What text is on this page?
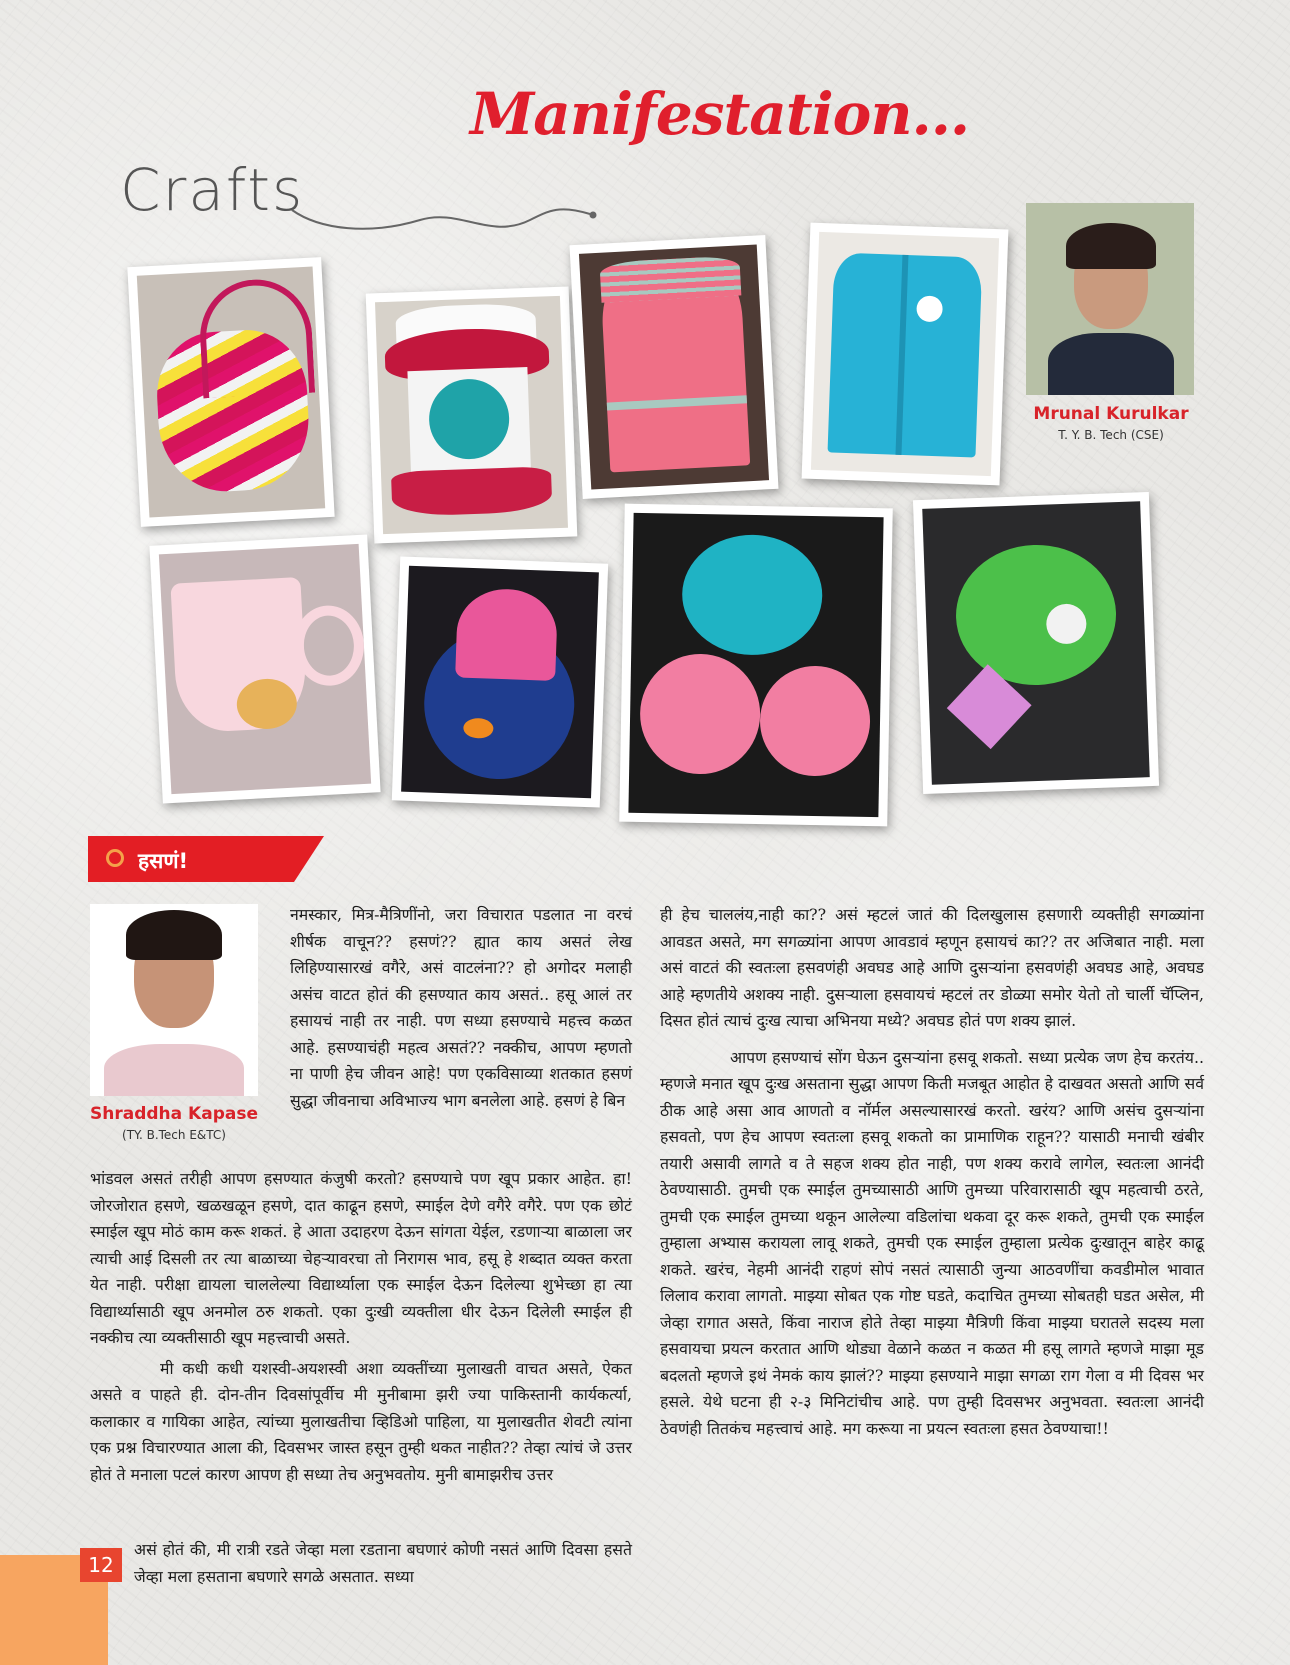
Manifestation...
Crafts
Mrunal Kurulkar
T. Y. B. Tech (CSE)
हसणं!
Shraddha Kapase
(TY. B.Tech E&TC)

नमस्कार, मित्र-मैत्रिणींनो, जरा विचारात पडलात ना वरचं शीर्षक वाचून?? हसणं?? ह्यात काय असतं लेख लिहिण्यासारखं वगैरे, असं वाटलंना?? हो अगोदर मलाही असंच वाटत होतं की हसण्यात काय असतं.. हसू आलं तर हसायचं नाही तर नाही. पण सध्या हसण्याचे महत्त्व कळत आहे. हसण्याचंही महत्व असतं?? नक्कीच, आपण म्हणतो ना पाणी हेच जीवन आहे! पण एकविसाव्या शतकात हसणं सुद्धा जीवनाचा अविभाज्य भाग बनलेला आहे. हसणं हे बिन

भांडवल असतं तरीही आपण हसण्यात कंजुषी करतो? हसण्याचे पण खूप प्रकार आहेत. हा! जोरजोरात हसणे, खळखळून हसणे, दात काढून हसणे, स्माईल देणे वगैरे वगैरे. पण एक छोटं स्माईल खूप मोठं काम करू शकतं. हे आता उदाहरण देऊन सांगता येईल, रडणाऱ्या बाळाला जर त्याची आई दिसली तर त्या बाळाच्या चेहऱ्यावरचा तो निरागस भाव, हसू हे शब्दात व्यक्त करता येत नाही. परीक्षा द्यायला चाललेल्या विद्यार्थ्याला एक स्माईल देऊन दिलेल्या शुभेच्छा हा त्या विद्यार्थ्यासाठी खूप अनमोल ठरु शकतो. एका दुःखी व्यक्तीला धीर देऊन दिलेली स्माईल ही नक्कीच त्या व्यक्तीसाठी खूप महत्त्वाची असते.

मी कधी कधी यशस्वी-अयशस्वी अशा व्यक्तींच्या मुलाखती वाचत असते, ऐकत असते व पाहते ही. दोन-तीन दिवसांपूर्वीच मी मुनीबामा झरी ज्या पाकिस्तानी कार्यकर्त्या, कलाकार व गायिका आहेत, त्यांच्या मुलाखतीचा व्हिडिओ पाहिला, या मुलाखतीत शेवटी त्यांना एक प्रश्न विचारण्यात आला की, दिवसभर जास्त हसून तुम्ही थकत नाहीत?? तेव्हा त्यांचं जे उत्तर होतं ते मनाला पटलं कारण आपण ही सध्या तेच अनुभवतोय. मुनी बामाझरीच उत्तर

असं होतं की, मी रात्री रडते जेव्हा मला रडताना बघणारं कोणी नसतं आणि दिवसा हसते जेव्हा मला हसताना बघणारे सगळे असतात. सध्या

ही हेच चाललंय,नाही का?? असं म्हटलं जातं की दिलखुलास हसणारी व्यक्तीही सगळ्यांना आवडत असते, मग सगळ्यांना आपण आवडावं म्हणून हसायचं का?? तर अजिबात नाही. मला असं वाटतं की स्वतःला हसवणंही अवघड आहे आणि दुसऱ्यांना हसवणंही अवघड आहे, अवघड आहे म्हणतीये अशक्य नाही. दुसऱ्याला हसवायचं म्हटलं तर डोळ्या समोर येतो तो चार्ली चॅप्लिन, दिसत होतं त्याचं दुःख त्याचा अभिनया मध्ये? अवघड होतं पण शक्य झालं.

आपण हसण्याचं सोंग घेऊन दुसऱ्यांना हसवू शकतो. सध्या प्रत्येक जण हेच करतंय.. म्हणजे मनात खूप दुःख असताना सुद्धा आपण किती मजबूत आहोत हे दाखवत असतो आणि सर्व ठीक आहे असा आव आणतो व नॉर्मल असल्यासारखं करतो. खरंय? आणि असंच दुसऱ्यांना हसवतो, पण हेच आपण स्वतःला हसवू शकतो का प्रामाणिक राहून?? यासाठी मनाची खंबीर तयारी असावी लागते व ते सहज शक्य होत नाही, पण शक्य करावे लागेल, स्वतःला आनंदी ठेवण्यासाठी. तुमची एक स्माईल तुमच्यासाठी आणि तुमच्या परिवारासाठी खूप महत्वाची ठरते, तुमची एक स्माईल तुमच्या थकून आलेल्या वडिलांचा थकवा दूर करू शकते, तुमची एक स्माईल तुम्हाला अभ्यास करायला लावू शकते, तुमची एक स्माईल तुम्हाला प्रत्येक दुःखातून बाहेर काढू शकते. खरंच, नेहमी आनंदी राहणं सोपं नसतं त्यासाठी जुन्या आठवणींचा कवडीमोल भावात लिलाव करावा लागतो. माझ्या सोबत एक गोष्ट घडते, कदाचित तुमच्या सोबतही घडत असेल, मी जेव्हा रागात असते, किंवा नाराज होते तेव्हा माझ्या मैत्रिणी किंवा माझ्या घरातले सदस्य मला हसवायचा प्रयत्न करतात आणि थोड्या वेळाने कळत न कळत मी हसू लागते म्हणजे माझा मूड बदलतो म्हणजे इथं नेमकं काय झालं?? माझ्या हसण्याने माझा सगळा राग गेला व मी दिवस भर हसले. येथे घटना ही २-३ मिनिटांचीच आहे. पण तुम्ही दिवसभर अनुभवता. स्वतःला आनंदी ठेवणंही तितकंच महत्त्वाचं आहे. मग करूया ना प्रयत्न स्वतःला हसत ठेवण्याचा!!

12
